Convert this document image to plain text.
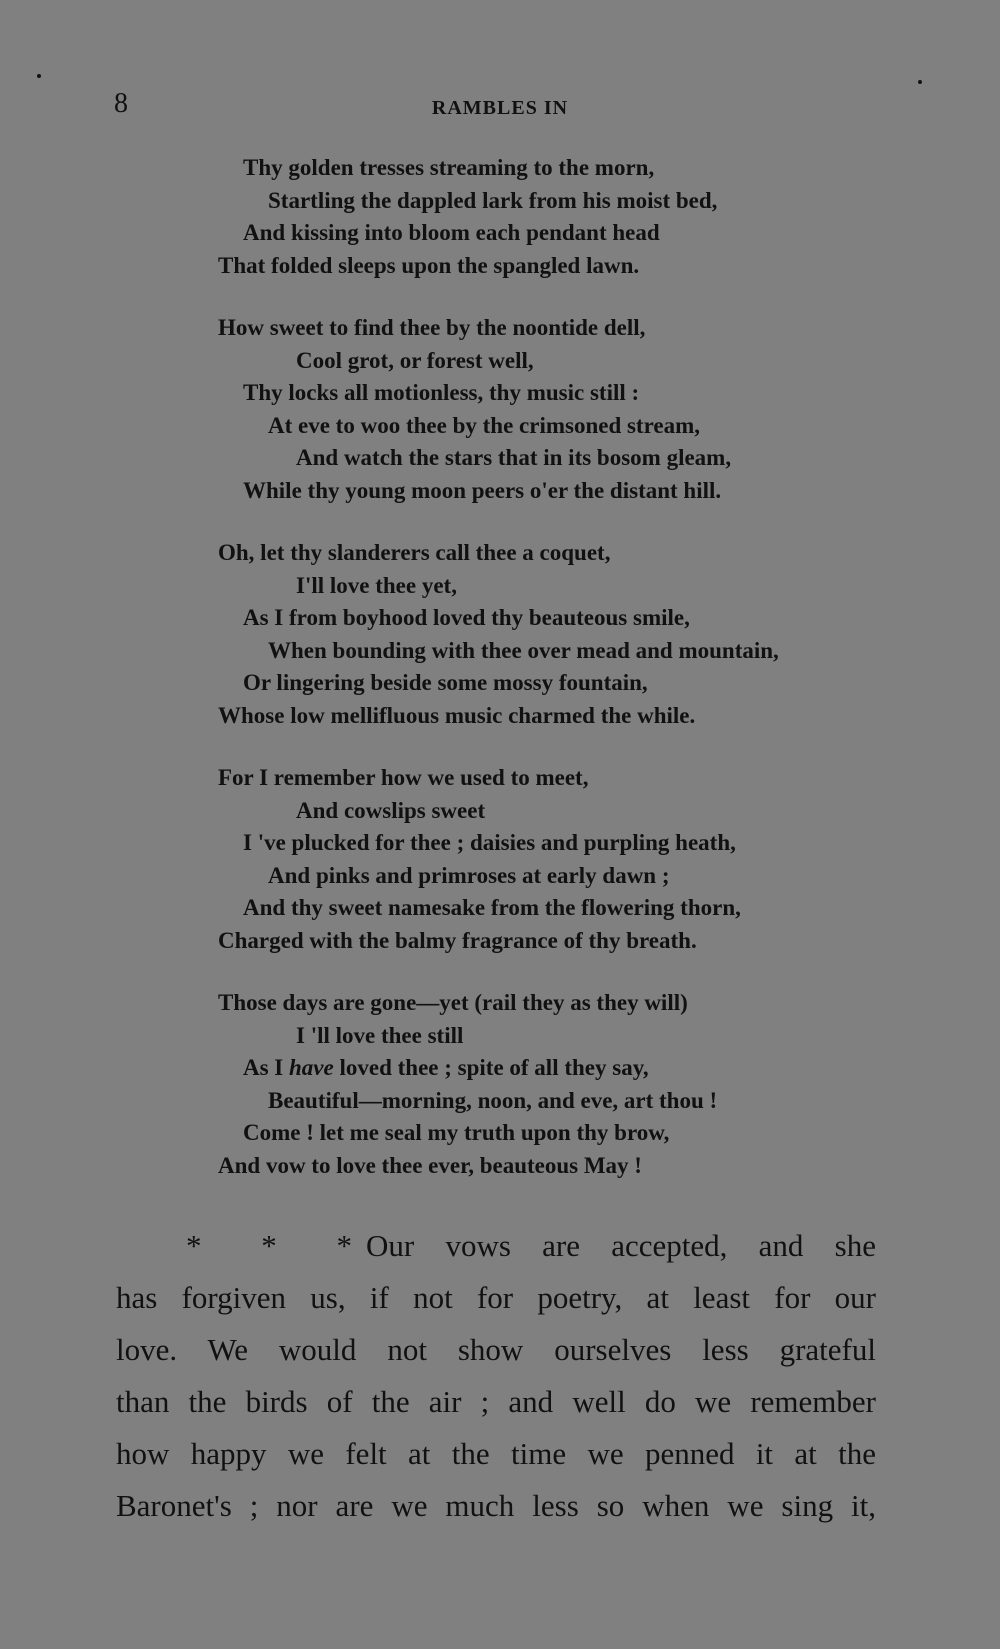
8	RAMBLES IN
Thy golden tresses streaming to the morn,
Startling the dappled lark from his moist bed,
And kissing into bloom each pendant head
That folded sleeps upon the spangled lawn.
How sweet to find thee by the noontide dell,
Cool grot, or forest well,
Thy locks all motionless, thy music still :
At eve to woo thee by the crimsoned stream,
And watch the stars that in its bosom gleam,
While thy young moon peers o'er the distant hill.
Oh, let thy slanderers call thee a coquet,
I'll love thee yet,
As I from boyhood loved thy beauteous smile,
When bounding with thee over mead and mountain,
Or lingering beside some mossy fountain,
Whose low mellifluous music charmed the while.
For I remember how we used to meet,
And cowslips sweet
I 've plucked for thee ; daisies and purpling heath,
And pinks and primroses at early dawn ;
And thy sweet namesake from the flowering thorn,
Charged with the balmy fragrance of thy breath.
Those days are gone—yet (rail they as they will)
I 'll love thee still
As I have loved thee ; spite of all they say,
Beautiful—morning, noon, and eve, art thou !
Come ! let me seal my truth upon thy brow,
And vow to love thee ever, beauteous May !
* * * Our vows are accepted, and she
has forgiven us, if not for poetry, at least for our
love. We would not show ourselves less grateful
than the birds of the air ; and well do we remember
how happy we felt at the time we penned it at the
Baronet's ; nor are we much less so when we sing it,
